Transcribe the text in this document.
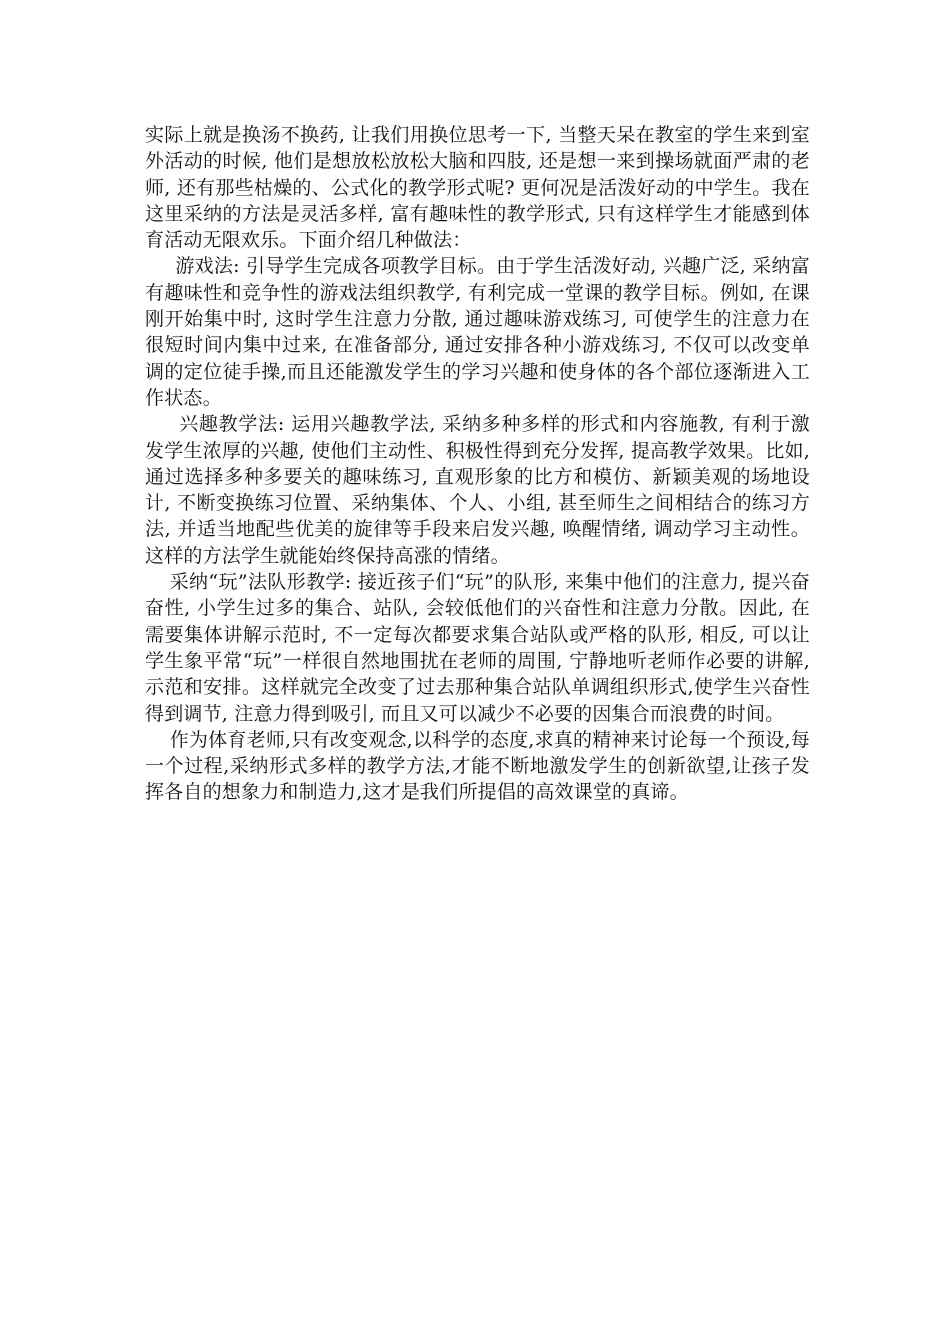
实际上就是换汤不换药, 让我们用换位思考一下, 当整天呆在教室的学生来到室外活动的时候, 他们是想放松放松大脑和四肢, 还是想一来到操场就面严肃的老师, 还有那些枯燥的、公式化的教学形式呢? 更何况是活泼好动的中学生。我在这里采纳的方法是灵活多样, 富有趣味性的教学形式, 只有这样学生才能感到体育活动无限欢乐。下面介绍几种做法：

游戏法: 引导学生完成各项教学目标。由于学生活泼好动, 兴趣广泛, 采纳富有趣味性和竞争性的游戏法组织教学, 有利完成一堂课的教学目标。例如, 在课刚开始集中时, 这时学生注意力分散, 通过趣味游戏练习, 可使学生的注意力在很短时间内集中过来, 在准备部分, 通过安排各种小游戏练习, 不仅可以改变单调的定位徒手操,而且还能激发学生的学习兴趣和使身体的各个部位逐渐进入工作状态。

兴趣教学法: 运用兴趣教学法, 采纳多种多样的形式和内容施教, 有利于激发学生浓厚的兴趣, 使他们主动性、积极性得到充分发挥, 提高教学效果。比如, 通过选择多种多要关的趣味练习, 直观形象的比方和模仿、新颖美观的场地设计, 不断变换练习位置、采纳集体、个人、小组, 甚至师生之间相结合的练习方法, 并适当地配些优美的旋律等手段来启发兴趣, 唤醒情绪, 调动学习主动性。这样的方法学生就能始终保持高涨的情绪。

采纳“玩”法队形教学: 接近孩子们“玩”的队形, 来集中他们的注意力, 提兴奋奋性, 小学生过多的集合、站队, 会较低他们的兴奋性和注意力分散。因此, 在需要集体讲解示范时, 不一定每次都要求集合站队或严格的队形, 相反, 可以让学生象平常“玩”一样很自然地围扰在老师的周围, 宁静地听老师作必要的讲解, 示范和安排。这样就完全改变了过去那种集合站队单调组织形式,使学生兴奋性得到调节, 注意力得到吸引, 而且又可以减少不必要的因集合而浪费的时间。

作为体育老师,只有改变观念,以科学的态度,求真的精神来讨论每一个预设,每一个过程,采纳形式多样的教学方法,才能不断地激发学生的创新欲望,让孩子发挥各自的想象力和制造力,这才是我们所提倡的高效课堂的真谛。
